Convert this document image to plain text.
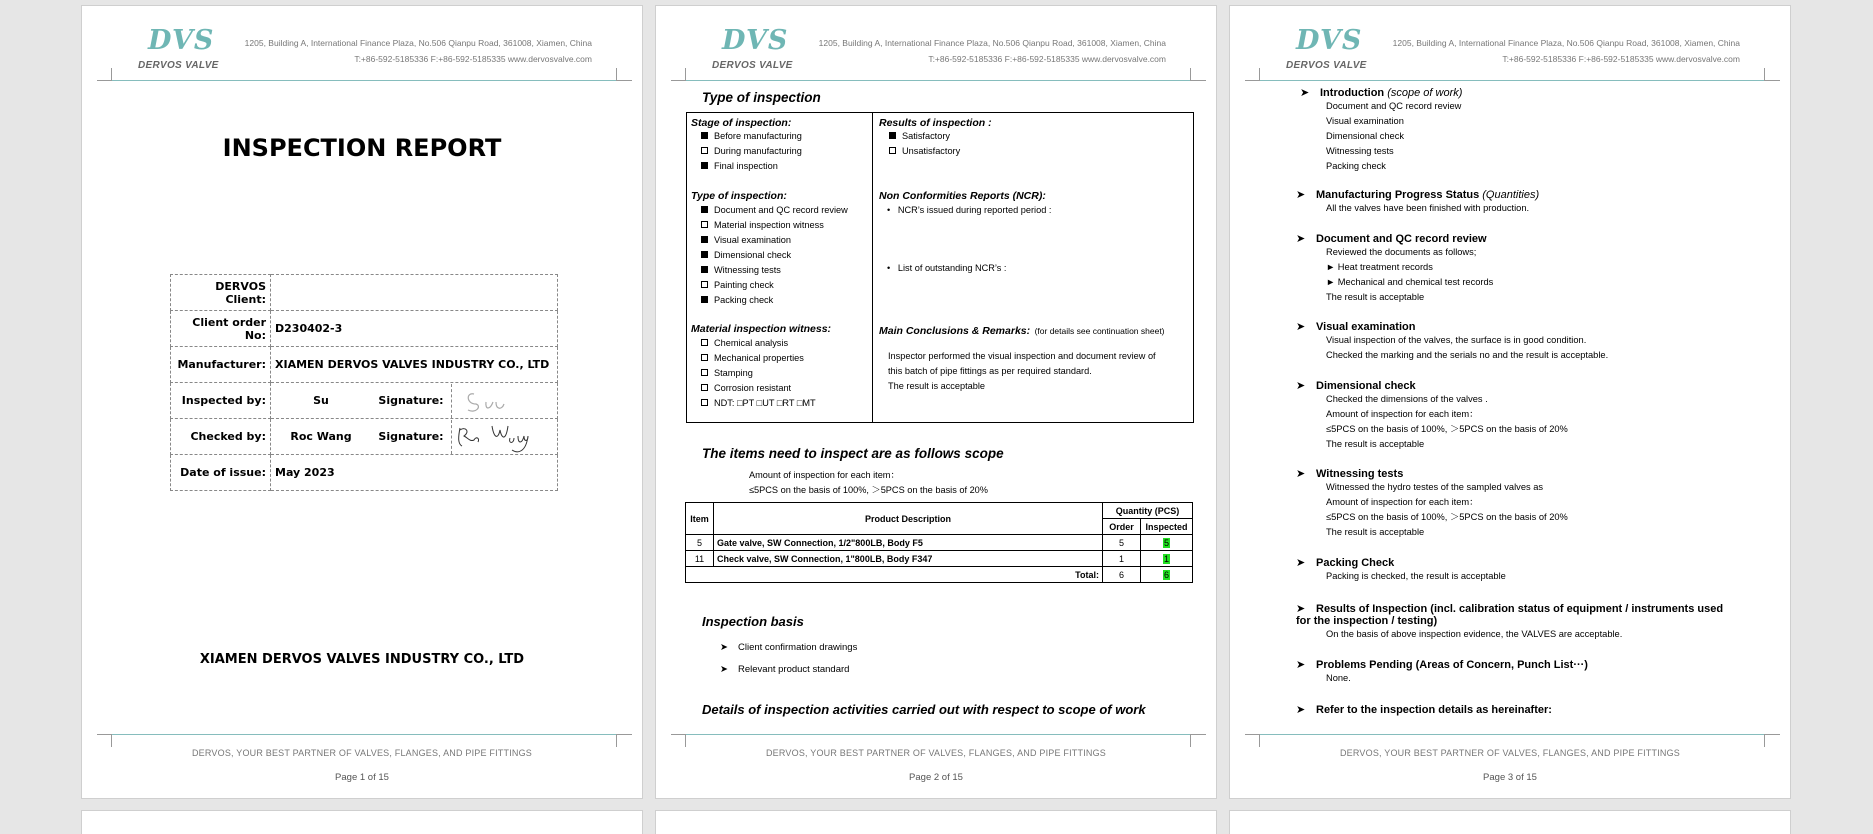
DVS
DERVOS VALVE
1205, Building A, International Finance Plaza, No.506 Qianpu Road, 361008, Xiamen, China
T:+86-592-5185336 F:+86-592-5185335 www.dervosvalve.com
INSPECTION REPORT
DERVOS Client:	
Client order No:	D230402-3
Manufacturer:	XIAMEN DERVOS VALVES INDUSTRY CO., LTD
Inspected by:	Su Signature:

Checked by:	Roc Wang Signature:

Date of issue:	May 2023
XIAMEN DERVOS VALVES INDUSTRY CO., LTD
DERVOS, YOUR BEST PARTNER OF VALVES, FLANGES, AND PIPE FITTINGS
Page 1 of 15
DVS
DERVOS VALVE
1205, Building A, International Finance Plaza, No.506 Qianpu Road, 361008, Xiamen, China
T:+86-592-5185336 F:+86-592-5185335 www.dervosvalve.com
Type of inspection
Stage of inspection:
Before manufacturing
During manufacturing
Final inspection
Type of inspection:
Document and QC record review
Material inspection witness
Visual examination
Dimensional check
Witnessing tests
Painting check
Packing check
Material inspection witness:
Chemical analysis
Mechanical properties
Stamping
Corrosion resistant
NDT: □PT □UT □RT □MT
Results of inspection :
Satisfactory
Unsatisfactory
Non Conformities Reports (NCR):
•   NCR’s issued during reported period :
•   List of outstanding NCR’s :
Main Conclusions & Remarks: (for details see continuation sheet)
Inspector performed the visual inspection and document review of
this batch of pipe fittings as per required standard.
The result is acceptable
The items need to inspect are as follows scope
Amount of inspection for each item：
≤5PCS on the basis of 100%, ＞5PCS on the basis of 20%
Item	Product Description	Quantity (PCS)	
		Order	Inspected
5	Gate valve, SW Connection, 1/2"800LB, Body F5	5	5
11	Check valve, SW Connection, 1"800LB, Body F347	1	1
Total:		6	6
Inspection basis
➤ Client confirmation drawings
➤ Relevant product standard
Details of inspection activities carried out with respect to scope of work
DERVOS, YOUR BEST PARTNER OF VALVES, FLANGES, AND PIPE FITTINGS
Page 2 of 15
DVS
DERVOS VALVE
1205, Building A, International Finance Plaza, No.506 Qianpu Road, 361008, Xiamen, China
T:+86-592-5185336 F:+86-592-5185335 www.dervosvalve.com
➤ Introduction (scope of work)
Document and QC record review
Visual examination
Dimensional check
Witnessing tests
Packing check
➤ Manufacturing Progress Status (Quantities)
All the valves have been finished with production.
➤ Document and QC record review
Reviewed the documents as follows;
► Heat treatment records
► Mechanical and chemical test records
The result is acceptable
➤ Visual examination
Visual inspection of the valves, the surface is in good condition.
Checked the marking and the serials no and the result is acceptable.
➤ Dimensional check
Checked the dimensions of the valves .
Amount of inspection for each item：
≤5PCS on the basis of 100%, ＞5PCS on the basis of 20%
The result is acceptable
➤ Witnessing tests
Witnessed the hydro testes of the sampled valves as
Amount of inspection for each item：
≤5PCS on the basis of 100%, ＞5PCS on the basis of 20%
The result is acceptable
➤ Packing Check
Packing is checked, the result is acceptable
➤ Results of Inspection (incl. calibration status of equipment / instruments used
for the inspection / testing)
On the basis of above inspection evidence, the VALVES are acceptable.
➤ Problems Pending (Areas of Concern, Punch List···)
None.
➤ Refer to the inspection details as hereinafter:
DERVOS, YOUR BEST PARTNER OF VALVES, FLANGES, AND PIPE FITTINGS
Page 3 of 15
